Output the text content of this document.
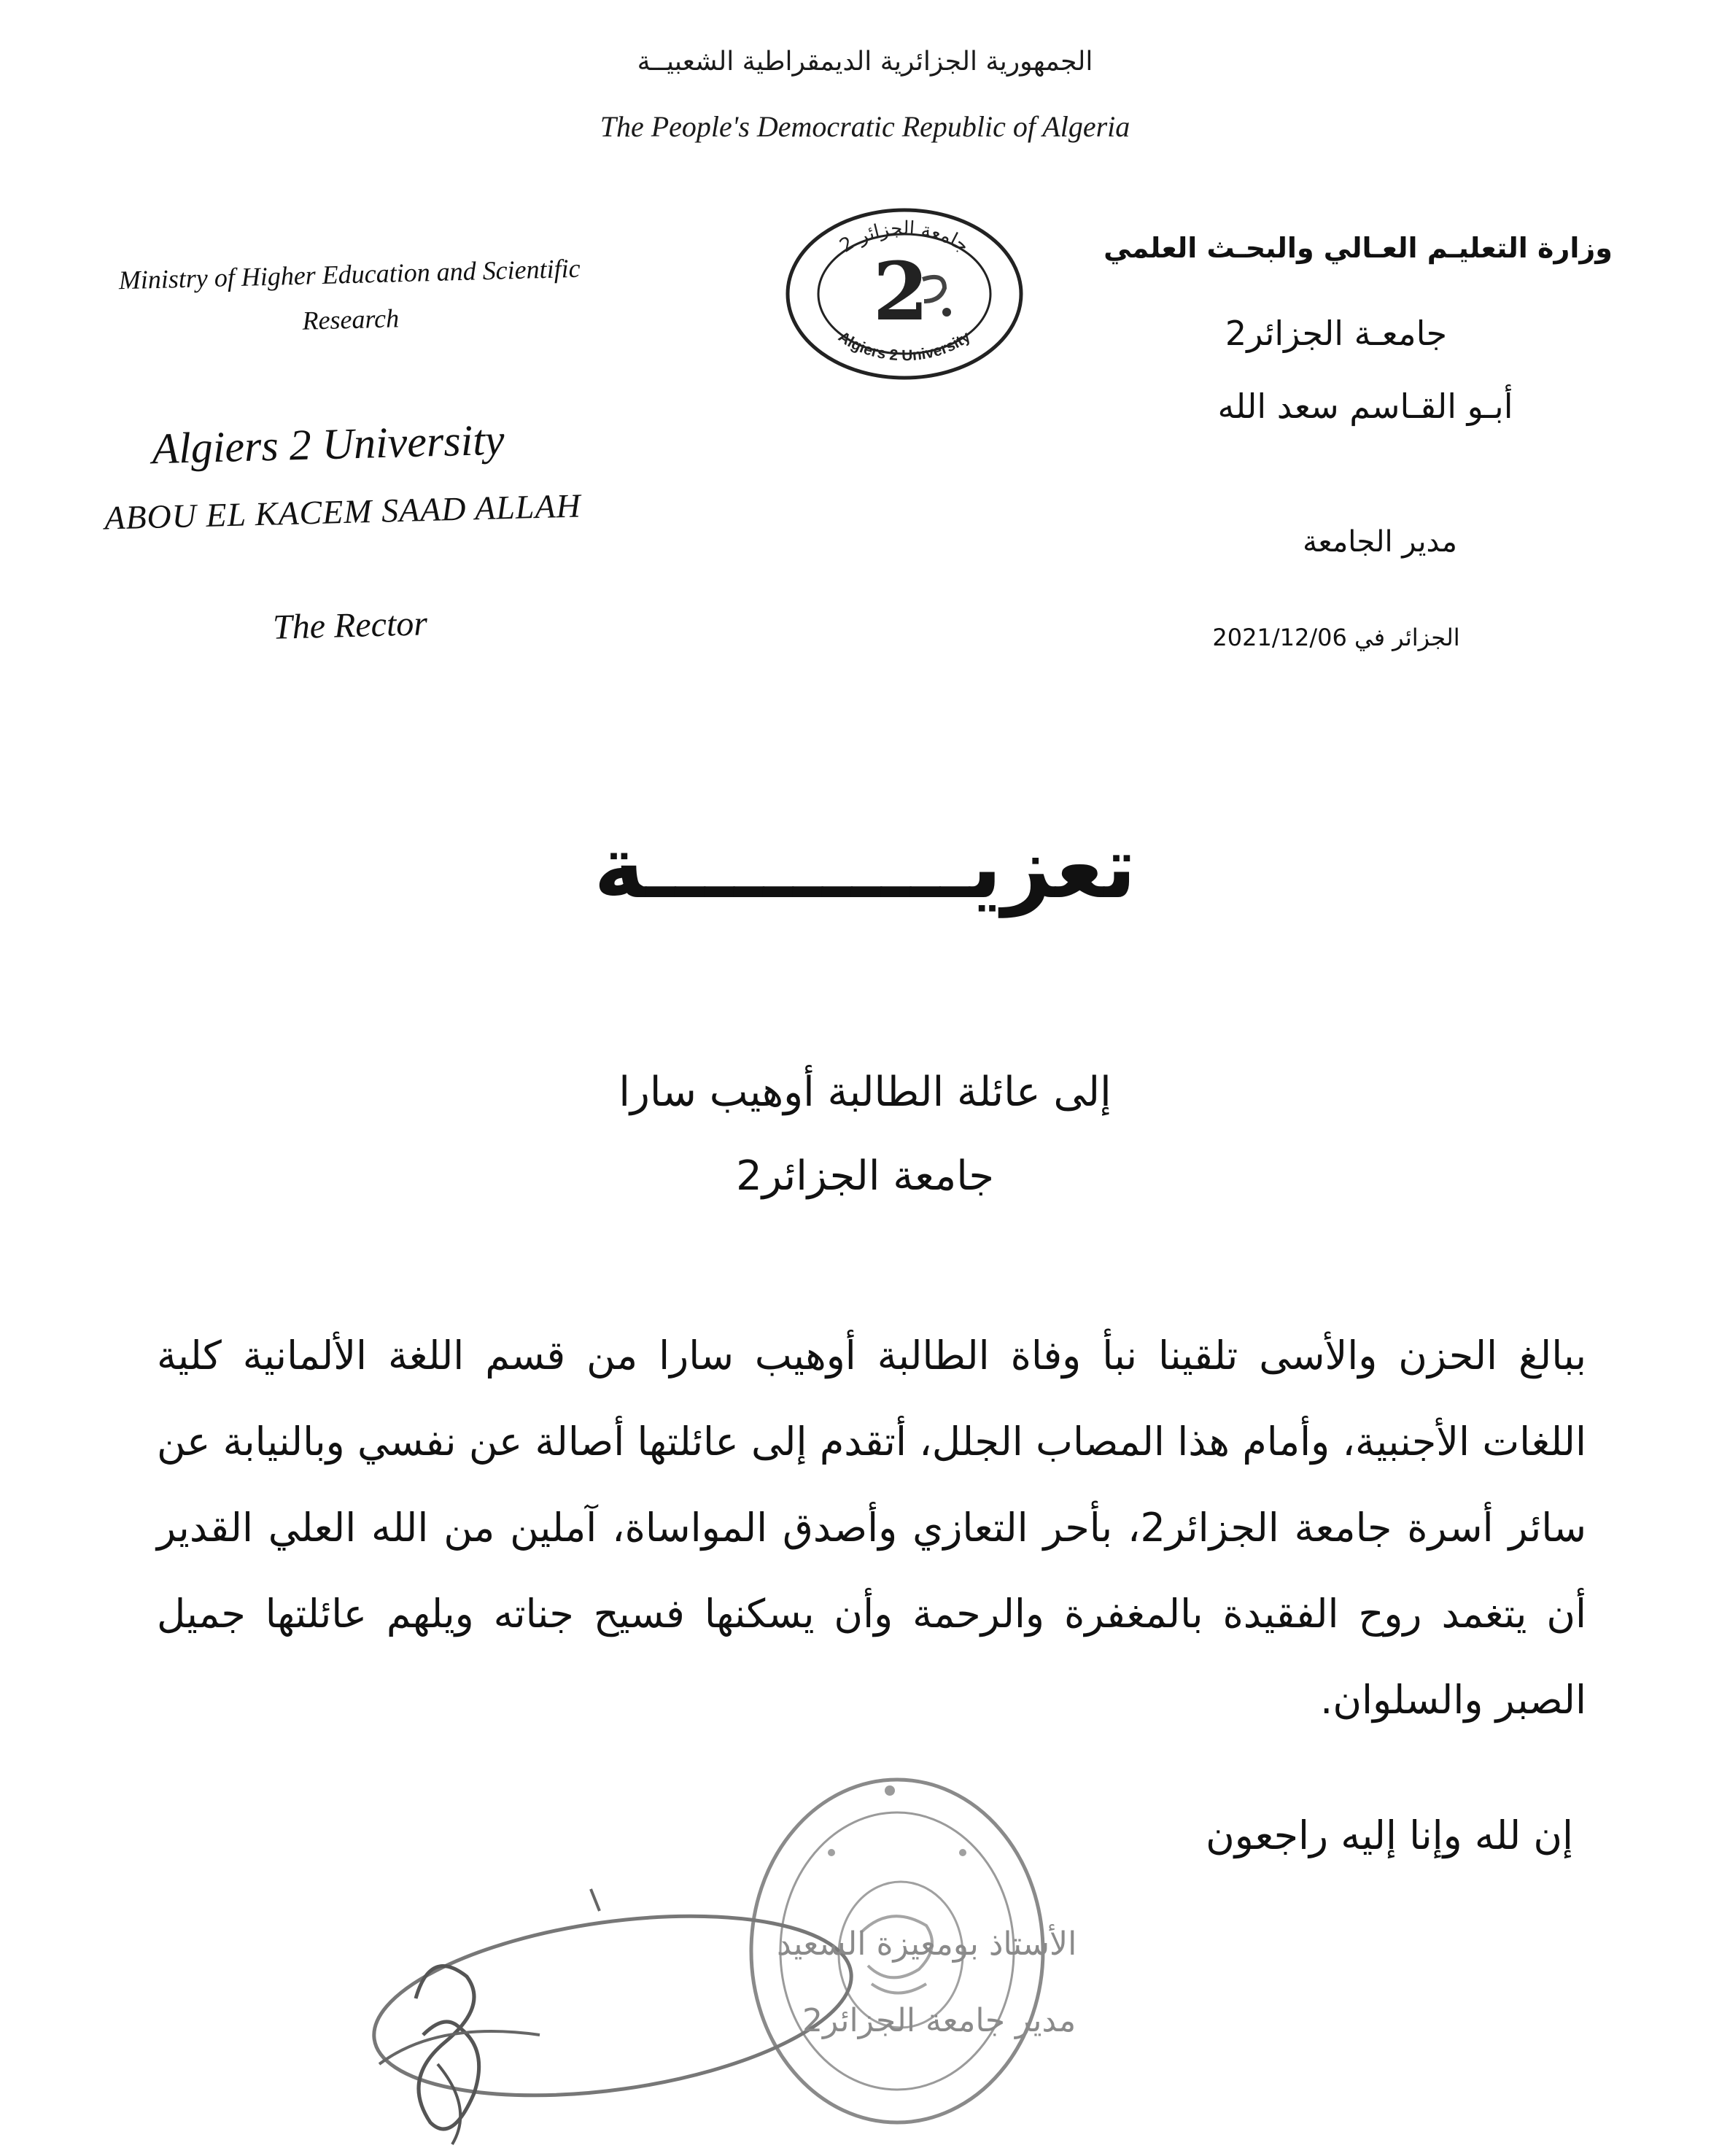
الجمهورية الجزائرية الديمقراطية الشعبيــة
The People's Democratic Republic of Algeria
Ministry of Higher Education and Scientific Research
Algiers 2 University
ABOU EL KACEM SAAD ALLAH
The Rector
جامعة الجزائر 2
Algiers 2 University
2	وزارة التعليـم العـالي والبحـث العلمي
جامعـة الجزائر2
أبـو القـاسم سعد الله
مدير الجامعة
الجزائر في 2021/12/06
تعزيـــــــــــة
إلى عائلة الطالبة أوهيب سارا
جامعة الجزائر2
ببالغ الحزن والأسى تلقينا نبأ وفاة الطالبة أوهيب سارا من قسم اللغة الألمانية كلية اللغات الأجنبية، وأمام هذا المصاب الجلل، أتقدم إلى عائلتها أصالة عن نفسي وبالنيابة عن سائر أسرة جامعة الجزائر2، بأحر التعازي وأصدق المواساة، آملين من الله العلي القدير أن يتغمد روح الفقيدة بالمغفرة والرحمة وأن يسكنها فسيح جناته ويلهم عائلتها جميل الصبر والسلوان.
إن لله وإنا إليه راجعون
الأستاذ بومعيزة السعيد
مدير جامعة الجزائر2
